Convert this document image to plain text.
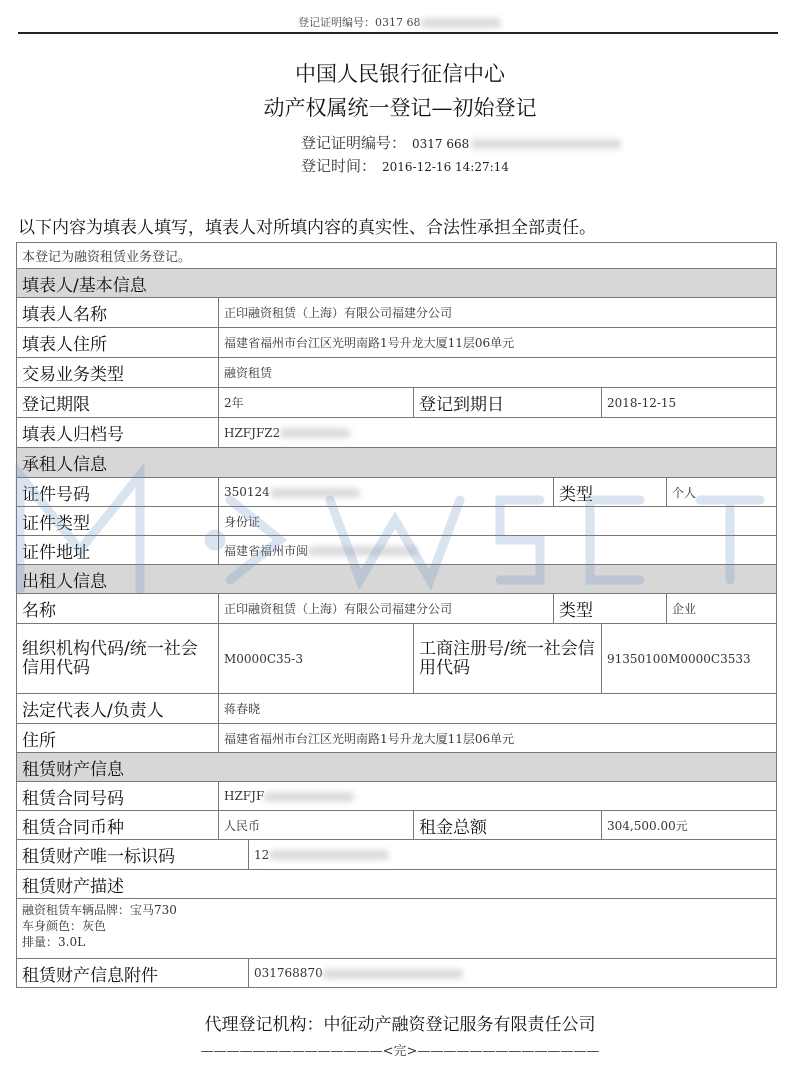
登记证明编号：0317 68
中国人民银行征信中心
动产权属统一登记—初始登记
登记证明编号： 0317 668
登记时间： 2016-12-16 14:27:14
以下内容为填表人填写，填表人对所填内容的真实性、合法性承担全部责任。
本登记为融资租赁业务登记。						
填表人/基本信息						
填表人名称	正印融资租赁（上海）有限公司福建分公司					
填表人住所	福建省福州市台江区光明南路1号升龙大厦11层06单元					
交易业务类型	融资租赁					
登记期限	2年		登记到期日		2018-12-15	
填表人归档号	HZFJFZ2					
承租人信息						
证件号码	350124			类型		个人
证件类型	身份证					
证件地址	福建省福州市闽					
出租人信息						
名称	正印融资租赁（上海）有限公司福建分公司			类型		企业
组织机构代码/统一社会信用代码	M0000C35-3		工商注册号/统一社会信用代码		91350100M0000C3533	
法定代表人/负责人	蒋春晓					
住所	福建省福州市台江区光明南路1号升龙大厦11层06单元					
租赁财产信息						
租赁合同号码	HZFJF					
租赁合同币种	人民币		租金总额		304,500.00元	
租赁财产唯一标识码		12				
租赁财产描述						

融资租赁车辆品牌：宝马730
车身颜色：灰色
排量：3.0L						

租赁财产信息附件		031768870				
代理登记机构：中征动产融资登记服务有限责任公司
——————————————<完>——————————————
